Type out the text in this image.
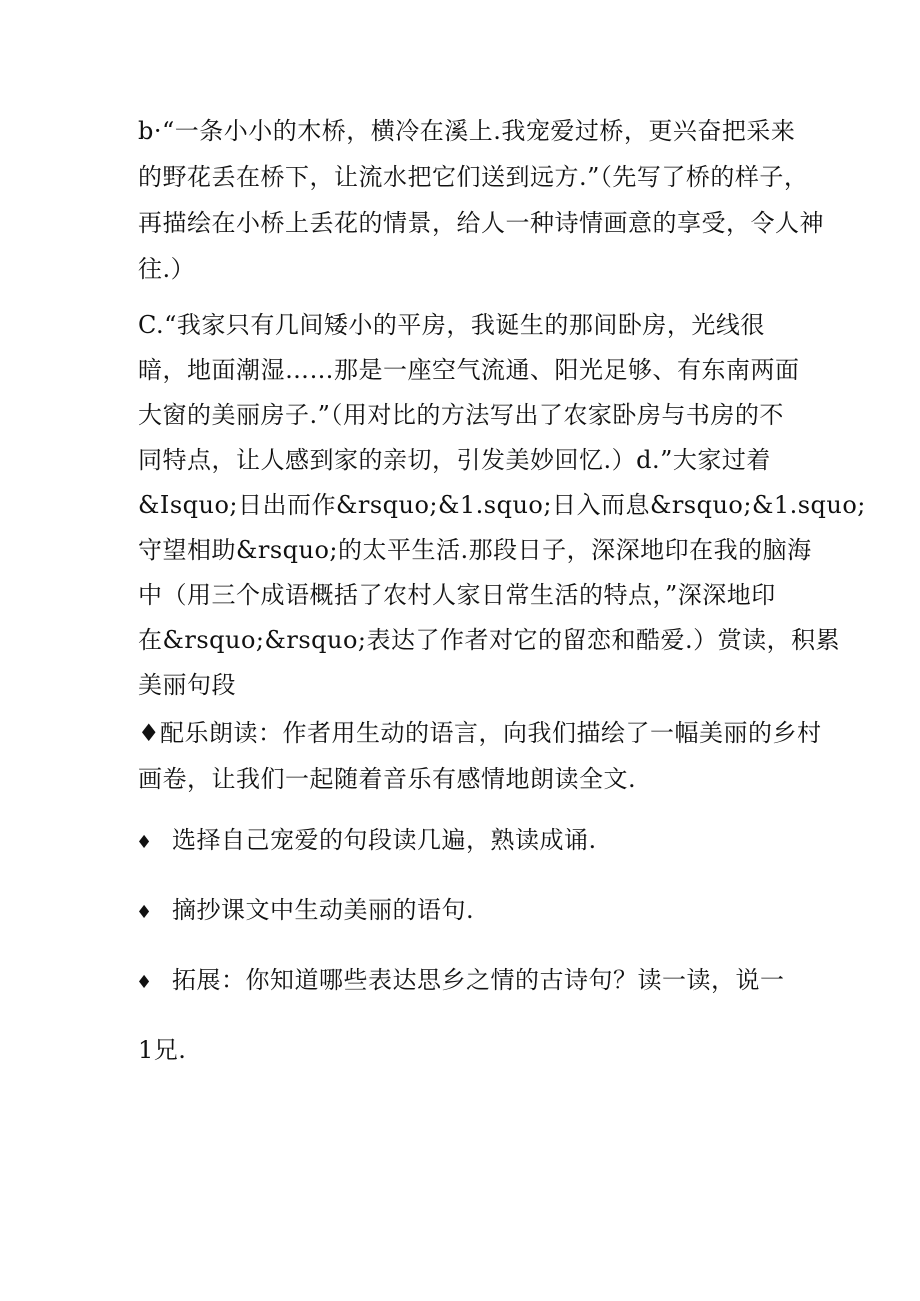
b·“一条小小的木桥，横冷在溪上.我宠爱过桥，更兴奋把采来
的野花丢在桥下，让流水把它们送到远方.”（先写了桥的样子，
再描绘在小桥上丢花的情景，给人一种诗情画意的享受，令人神
往.）
C.“我家只有几间矮小的平房，我诞生的那间卧房，光线很
暗，地面潮湿……那是一座空气流通、阳光足够、有东南两面
大窗的美丽房子.”（用对比的方法写出了农家卧房与书房的不
同特点，让人感到家的亲切，引发美妙回忆.）d.”大家过着
&Isquo;日出而作&rsquo;&1.squo;日入而息&rsquo;&1.squo;
守望相助&rsquo;的太平生活.那段日子，深深地印在我的脑海
中（用三个成语概括了农村人家日常生活的特点，”深深地印
在&rsquo;&rsquo;表达了作者对它的留恋和酷爱.）赏读，积累
美丽句段
♦配乐朗读：作者用生动的语言，向我们描绘了一幅美丽的乡村
画卷，让我们一起随着音乐有感情地朗读全文.
♦ 选择自己宠爱的句段读几遍，熟读成诵.
♦ 摘抄课文中生动美丽的语句.
♦ 拓展：你知道哪些表达思乡之情的古诗句？读一读，说一
1兄.
